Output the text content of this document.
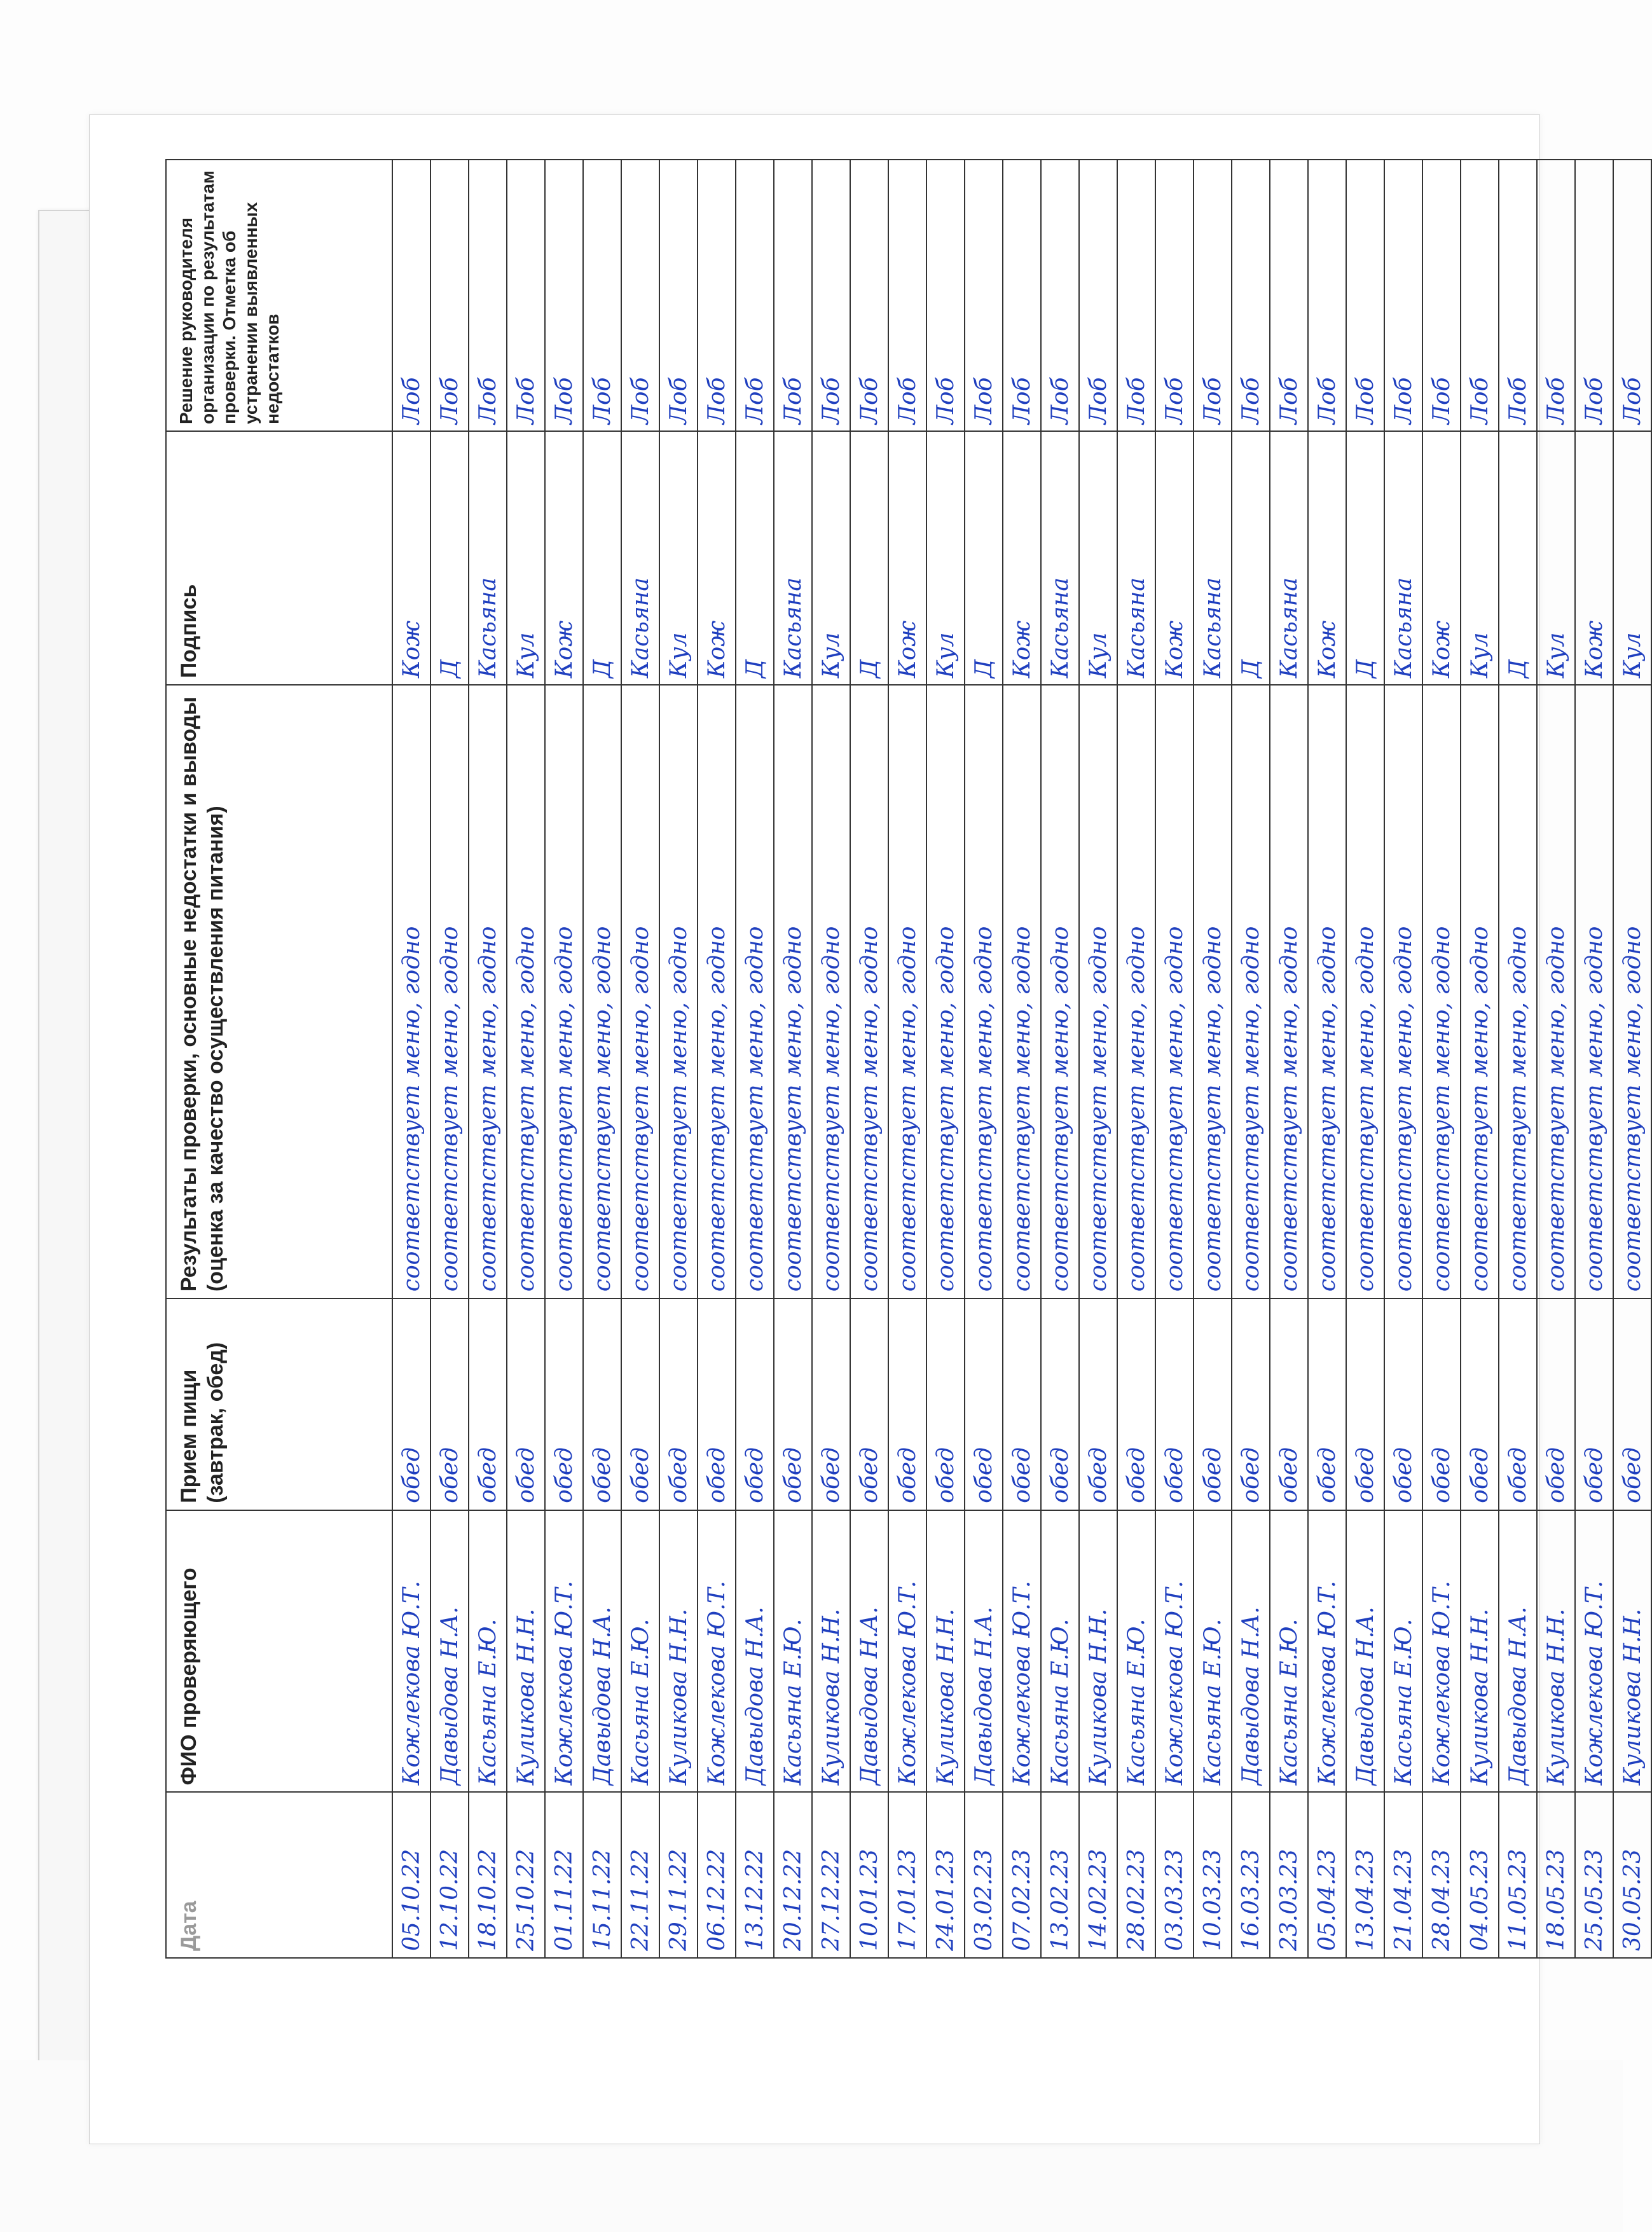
Дата	ФИО проверяющего	Прием пищи (завтрак, обед)	Результаты проверки, основные недостатки и выводы (оценка за качество осуществления питания)	Подпись	Решение руководителя организации по результатам проверки. Отметка об устранении выявленных недостатков
05.10.22	Кожлекова Ю.Т.	обед	соответствует меню, годно	Кож	Лоб
12.10.22	Давыдова Н.А.	обед	соответствует меню, годно	Д	Лоб
18.10.22	Касьяна Е.Ю.	обед	соответствует меню, годно	Касьяна	Лоб
25.10.22	Куликова Н.Н.	обед	соответствует меню, годно	Кул	Лоб
01.11.22	Кожлекова Ю.Т.	обед	соответствует меню, годно	Кож	Лоб
15.11.22	Давыдова Н.А.	обед	соответствует меню, годно	Д	Лоб
22.11.22	Касьяна Е.Ю.	обед	соответствует меню, годно	Касьяна	Лоб
29.11.22	Куликова Н.Н.	обед	соответствует меню, годно	Кул	Лоб
06.12.22	Кожлекова Ю.Т.	обед	соответствует меню, годно	Кож	Лоб
13.12.22	Давыдова Н.А.	обед	соответствует меню, годно	Д	Лоб
20.12.22	Касьяна Е.Ю.	обед	соответствует меню, годно	Касьяна	Лоб
27.12.22	Куликова Н.Н.	обед	соответствует меню, годно	Кул	Лоб
10.01.23	Давыдова Н.А.	обед	соответствует меню, годно	Д	Лоб
17.01.23	Кожлекова Ю.Т.	обед	соответствует меню, годно	Кож	Лоб
24.01.23	Куликова Н.Н.	обед	соответствует меню, годно	Кул	Лоб
03.02.23	Давыдова Н.А.	обед	соответствует меню, годно	Д	Лоб
07.02.23	Кожлекова Ю.Т.	обед	соответствует меню, годно	Кож	Лоб
13.02.23	Касьяна Е.Ю.	обед	соответствует меню, годно	Касьяна	Лоб
14.02.23	Куликова Н.Н.	обед	соответствует меню, годно	Кул	Лоб
28.02.23	Касьяна Е.Ю.	обед	соответствует меню, годно	Касьяна	Лоб
03.03.23	Кожлекова Ю.Т.	обед	соответствует меню, годно	Кож	Лоб
10.03.23	Касьяна Е.Ю.	обед	соответствует меню, годно	Касьяна	Лоб
16.03.23	Давыдова Н.А.	обед	соответствует меню, годно	Д	Лоб
23.03.23	Касьяна Е.Ю.	обед	соответствует меню, годно	Касьяна	Лоб
05.04.23	Кожлекова Ю.Т.	обед	соответствует меню, годно	Кож	Лоб
13.04.23	Давыдова Н.А.	обед	соответствует меню, годно	Д	Лоб
21.04.23	Касьяна Е.Ю.	обед	соответствует меню, годно	Касьяна	Лоб
28.04.23	Кожлекова Ю.Т.	обед	соответствует меню, годно	Кож	Лоб
04.05.23	Куликова Н.Н.	обед	соответствует меню, годно	Кул	Лоб
11.05.23	Давыдова Н.А.	обед	соответствует меню, годно	Д	Лоб
18.05.23	Куликова Н.Н.	обед	соответствует меню, годно	Кул	Лоб
25.05.23	Кожлекова Ю.Т.	обед	соответствует меню, годно	Кож	Лоб
30.05.23	Куликова Н.Н.	обед	соответствует меню, годно	Кул	Лоб
